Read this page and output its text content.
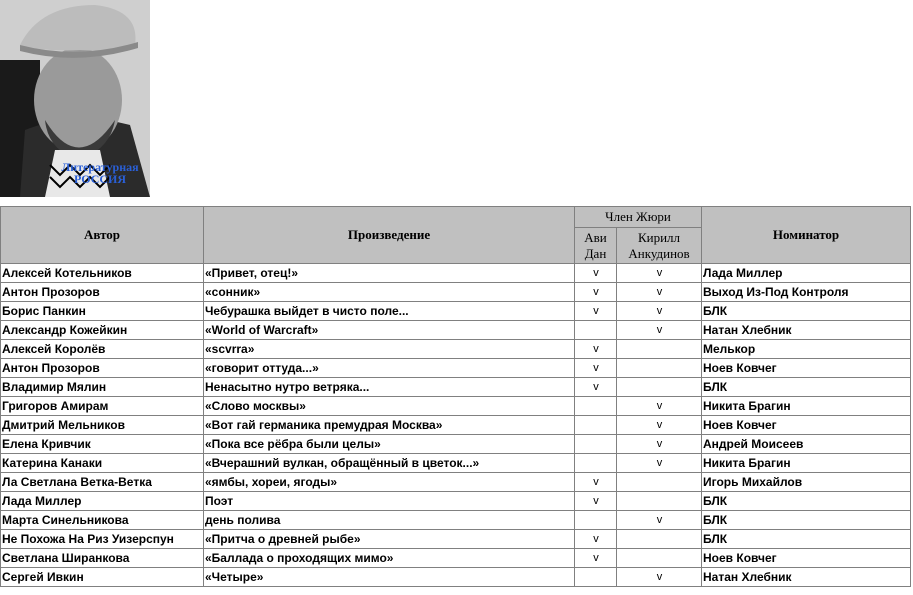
Литературная
РОССИЯ
Автор	Произведение	Член Жюри		Номинатор
		Ави Дан	Кирилл Анкудинов	
Алексей Котельников	«Привет, отец!»	v	v	Лада Миллер
Антон Прозоров	«сонник»	v	v	Выход Из-Под Контроля
Борис Панкин	Чебурашка выйдет в чисто поле...	v	v	БЛК
Александр Кожейкин	«World of Warcraft»		v	Натан Хлебник
Алексей Королёв	«scvrra»	v		Мелькор
Антон Прозоров	«говорит оттуда...»	v		Ноев Ковчег
Владимир Мялин	Ненасытно нутро ветряка...	v		БЛК
Григоров Амирам	«Слово москвы»		v	Никита Брагин
Дмитрий Мельников	«Вот гай германика премудрая Москва»		v	Ноев Ковчег
Елена Кривчик	«Пока все рёбра были целы»		v	Андрей Моисеев
Катерина Канаки	«Вчерашний вулкан, обращённый в цветок...»		v	Никита Брагин
Ла Светлана Ветка-Ветка	«ямбы, хореи, ягоды»	v		Игорь Михайлов
Лада Миллер	Поэт	v		БЛК
Марта Синельникова	день полива		v	БЛК
Не Похожа На Риз Уизерспун	«Притча о древней рыбе»	v		БЛК
Светлана Ширанкова	«Баллада о проходящих мимо»	v		Ноев Ковчег
Сергей Ивкин	«Четыре»		v	Натан Хлебник
